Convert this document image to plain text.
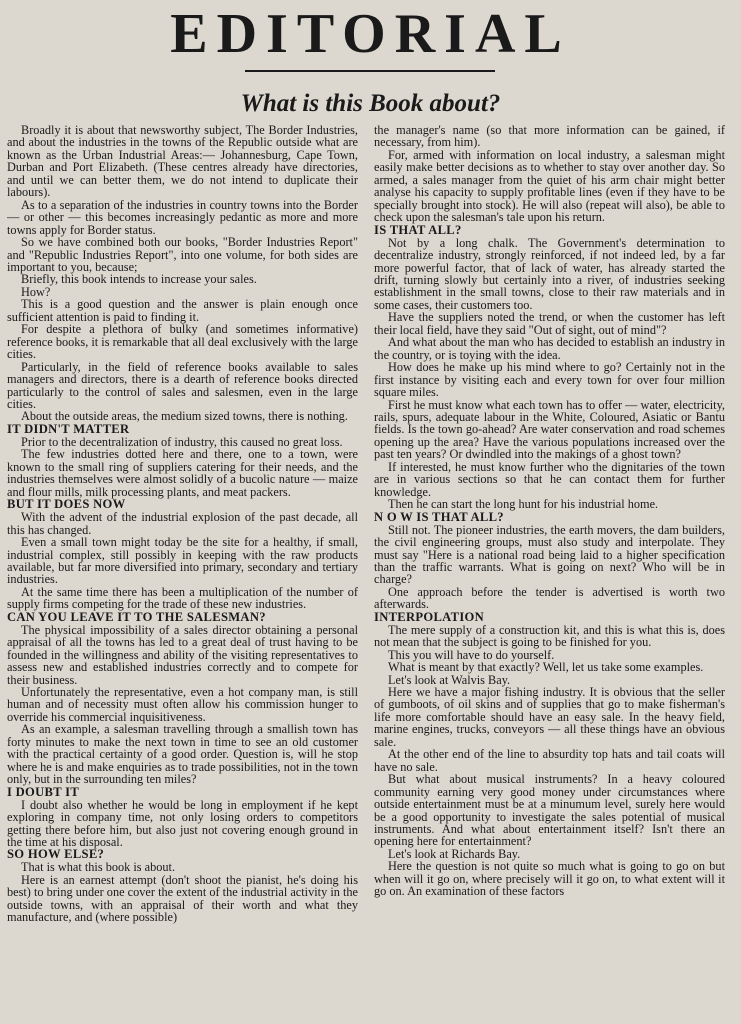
EDITORIAL
What is this Book about?

Broadly it is about that newsworthy subject, The Border Industries, and about the industries in the towns of the Republic outside what are known as the Urban Industrial Areas:— Johannesburg, Cape Town, Durban and Port Elizabeth. (These centres already have directories, and until we can better them, we do not intend to duplicate their labours).

As to a separation of the industries in country towns into the Border — or other — this becomes increasingly pedantic as more and more towns apply for Border status.

So we have combined both our books, "Border Industries Report" and "Republic Industries Report", into one volume, for both sides are important to you, because;

Briefly, this book intends to increase your sales.

How?

This is a good question and the answer is plain enough once sufficient attention is paid to finding it.

For despite a plethora of bulky (and sometimes informative) reference books, it is remarkable that all deal exclusively with the large cities.

Particularly, in the field of reference books available to sales managers and directors, there is a dearth of reference books directed particularly to the control of sales and salesmen, even in the large cities.

About the outside areas, the medium sized towns, there is nothing.

IT DIDN'T MATTER

Prior to the decentralization of industry, this caused no great loss.

The few industries dotted here and there, one to a town, were known to the small ring of suppliers catering for their needs, and the industries themselves were almost solidly of a bucolic nature — maize and flour mills, milk processing plants, and meat packers.

BUT IT DOES NOW

With the advent of the industrial explosion of the past decade, all this has changed.

Even a small town might today be the site for a healthy, if small, industrial complex, still possibly in keeping with the raw products available, but far more diversified into primary, secondary and tertiary industries.

At the same time there has been a multiplication of the number of supply firms competing for the trade of these new industries.

CAN YOU LEAVE IT TO THE SALESMAN?

The physical impossibility of a sales director obtaining a personal appraisal of all the towns has led to a great deal of trust having to be founded in the willingness and ability of the visiting representatives to assess new and established industries correctly and to compete for their business.

Unfortunately the representative, even a hot company man, is still human and of necessity must often allow his commission hunger to override his commercial inquisitiveness.

As an example, a salesman travelling through a smallish town has forty minutes to make the next town in time to see an old customer with the practical certainty of a good order. Question is, will he stop where he is and make enquiries as to trade possibilities, not in the town only, but in the surrounding ten miles?

I DOUBT IT

I doubt also whether he would be long in employment if he kept exploring in company time, not only losing orders to competitors getting there before him, but also just not covering enough ground in the time at his disposal.

SO HOW ELSE?

That is what this book is about.

Here is an earnest attempt (don't shoot the pianist, he's doing his best) to bring under one cover the extent of the industrial activity in the outside towns, with an appraisal of their worth and what they manufacture, and (where possible)

the manager's name (so that more information can be gained, if necessary, from him).

For, armed with information on local industry, a salesman might easily make better decisions as to whether to stay over another day. So armed, a sales manager from the quiet of his arm chair might better analyse his capacity to supply profitable lines (even if they have to be specially brought into stock). He will also (repeat will also), be able to check upon the salesman's tale upon his return.

IS THAT ALL?

Not by a long chalk. The Government's determination to decentralize industry, strongly reinforced, if not indeed led, by a far more powerful factor, that of lack of water, has already started the drift, turning slowly but certainly into a river, of industries seeking establishment in the small towns, close to their raw materials and in some cases, their customers too.

Have the suppliers noted the trend, or when the customer has left their local field, have they said "Out of sight, out of mind"?

And what about the man who has decided to establish an industry in the country, or is toying with the idea.

How does he make up his mind where to go? Certainly not in the first instance by visiting each and every town for over four million square miles.

First he must know what each town has to offer — water, electricity, rails, spurs, adequate labour in the White, Coloured, Asiatic or Bantu fields. Is the town go-ahead? Are water conservation and road schemes opening up the area? Have the various populations increased over the past ten years? Or dwindled into the makings of a ghost town?

If interested, he must know further who the dignitaries of the town are in various sections so that he can contact them for further knowledge.

Then he can start the long hunt for his industrial home.

N O W IS THAT ALL?

Still not. The pioneer industries, the earth movers, the dam builders, the civil engineering groups, must also study and interpolate. They must say "Here is a national road being laid to a higher specification than the traffic warrants. What is going on next? Who will be in charge?

One approach before the tender is advertised is worth two afterwards.

INTERPOLATION

The mere supply of a construction kit, and this is what this is, does not mean that the subject is going to be finished for you.

This you will have to do yourself.

What is meant by that exactly? Well, let us take some examples.

Let's look at Walvis Bay.

Here we have a major fishing industry. It is obvious that the seller of gumboots, of oil skins and of supplies that go to make fisherman's life more comfortable should have an easy sale. In the heavy field, marine engines, trucks, conveyors — all these things have an obvious sale.

At the other end of the line to absurdity top hats and tail coats will have no sale.

But what about musical instruments? In a heavy coloured community earning very good money under circumstances where outside entertainment must be at a minumum level, surely here would be a good opportunity to investigate the sales potential of musical instruments. And what about entertainment itself? Isn't there an opening here for entertainment?

Let's look at Richards Bay.

Here the question is not quite so much what is going to go on but when will it go on, where precisely will it go on, to what extent will it go on. An examination of these factors
